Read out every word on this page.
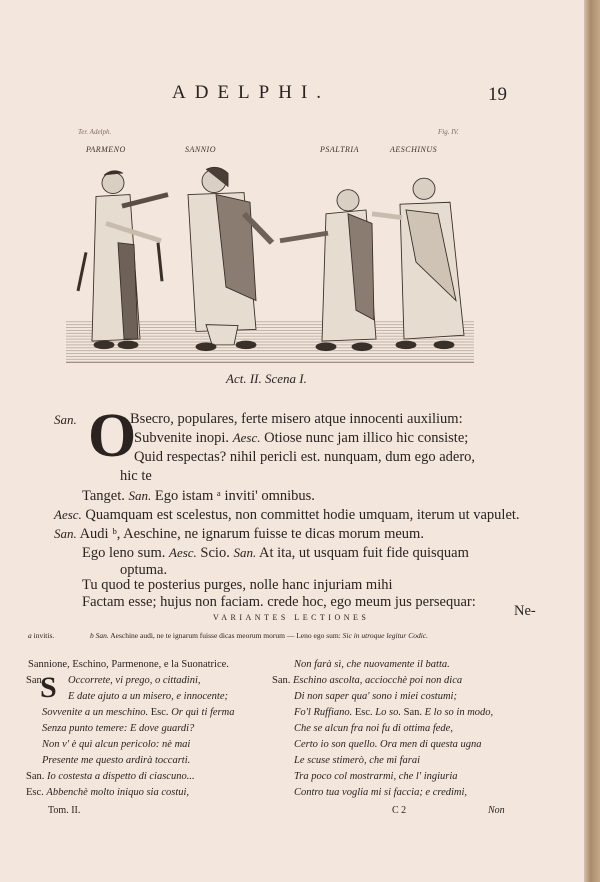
ADELPHI.	19
Ter. Adelph.	Fig. IV.
PARMENO	SANNIO	PSALTRIA	AESCHINUS
Act. II. Scena I.
O
San.	Bsecro, populares, ferte misero atque innocenti auxilium:
Subvenite inopi. Aesc. Otiose nunc jam illico hic consiste;
Quid respectas? nihil pericli est. nunquam, dum ego adero,
hic te
Tanget. San. Ego istam ᵃ inviti' omnibus.
Aesc. Quamquam est scelestus, non committet hodie umquam, iterum ut vapulet.
San. Audi ᵇ, Aeschine, ne ignarum fuisse te dicas morum meum.
Ego leno sum. Aesc. Scio. San. At ita, ut usquam fuit fide quisquam
optuma.
Tu quod te posterius purges, nolle hanc injuriam mihi
Factam esse; hujus non faciam. crede hoc, ego meum jus persequar:
Ne-
VARIANTES LECTIONES
a invitis.	b San. Aeschine audi, ne te ignarum fuisse dicas meorum morum — Leno ego sum: Sic in utroque legitur Codic.
Sannione, Eschino, Parmenone, e la Suonatrice.
S
San. Occorrete, vi prego, o cittadini,
E date ajuto a un misero, e innocente;
Sovvenite a un meschino. Esc. Or quì ti ferma
Senza punto temere: E dove guardi?
Non v' è quì alcun pericolo: nè mai
Presente me questo ardirà toccarti.
San. Io costesta a dispetto di ciascuno...
Esc. Abbenchè molto iniquo sia costui,
Tom. II.
Non farà sì, che nuovamente il batta.
San. Eschino ascolta, acciocchè poi non dica
Di non saper qua' sono i miei costumi;
Fo'l Ruffiano. Esc. Lo so. San. E lo so in modo,
Che se alcun fra noi fu di ottima fede,
Certo io son quello. Ora men di questa ugna
Le scuse stimerò, che mi farai
Tra poco col mostrarmi, che l' ingiuria
Contro tua voglia mi si faccia; e credimi,
C 2	Non
